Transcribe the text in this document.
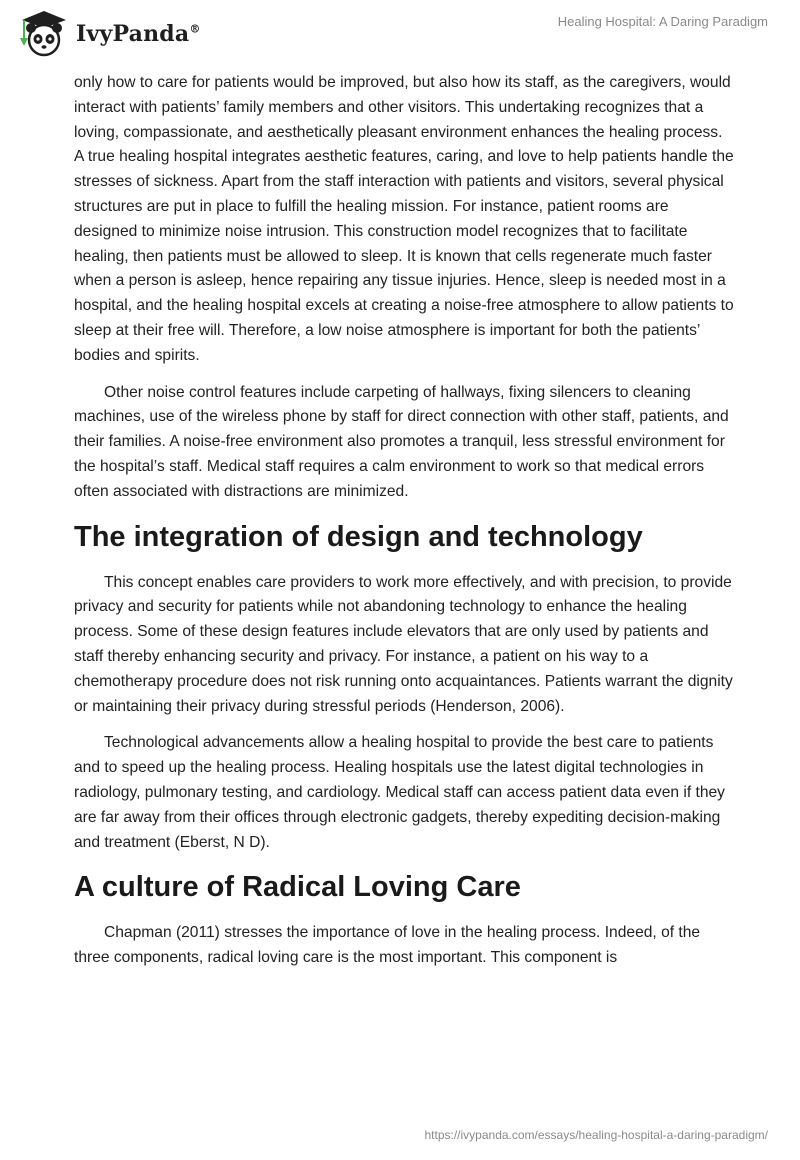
IvyPanda®
Healing Hospital: A Daring Paradigm

only how to care for patients would be improved, but also how its staff, as the caregivers, would interact with patients’ family members and other visitors. This undertaking recognizes that a loving, compassionate, and aesthetically pleasant environment enhances the healing process. A true healing hospital integrates aesthetic features, caring, and love to help patients handle the stresses of sickness. Apart from the staff interaction with patients and visitors, several physical structures are put in place to fulfill the healing mission. For instance, patient rooms are designed to minimize noise intrusion. This construction model recognizes that to facilitate healing, then patients must be allowed to sleep. It is known that cells regenerate much faster when a person is asleep, hence repairing any tissue injuries. Hence, sleep is needed most in a hospital, and the healing hospital excels at creating a noise-free atmosphere to allow patients to sleep at their free will. Therefore, a low noise atmosphere is important for both the patients’ bodies and spirits.

Other noise control features include carpeting of hallways, fixing silencers to cleaning machines, use of the wireless phone by staff for direct connection with other staff, patients, and their families. A noise-free environment also promotes a tranquil, less stressful environment for the hospital’s staff. Medical staff requires a calm environment to work so that medical errors often associated with distractions are minimized.

The integration of design and technology

This concept enables care providers to work more effectively, and with precision, to provide privacy and security for patients while not abandoning technology to enhance the healing process. Some of these design features include elevators that are only used by patients and staff thereby enhancing security and privacy. For instance, a patient on his way to a chemotherapy procedure does not risk running onto acquaintances. Patients warrant the dignity or maintaining their privacy during stressful periods (Henderson, 2006).

Technological advancements allow a healing hospital to provide the best care to patients and to speed up the healing process. Healing hospitals use the latest digital technologies in radiology, pulmonary testing, and cardiology. Medical staff can access patient data even if they are far away from their offices through electronic gadgets, thereby expediting decision-making and treatment (Eberst, N D).

A culture of Radical Loving Care

Chapman (2011) stresses the importance of love in the healing process. Indeed, of the three components, radical loving care is the most important. This component is

https://ivypanda.com/essays/healing-hospital-a-daring-paradigm/
